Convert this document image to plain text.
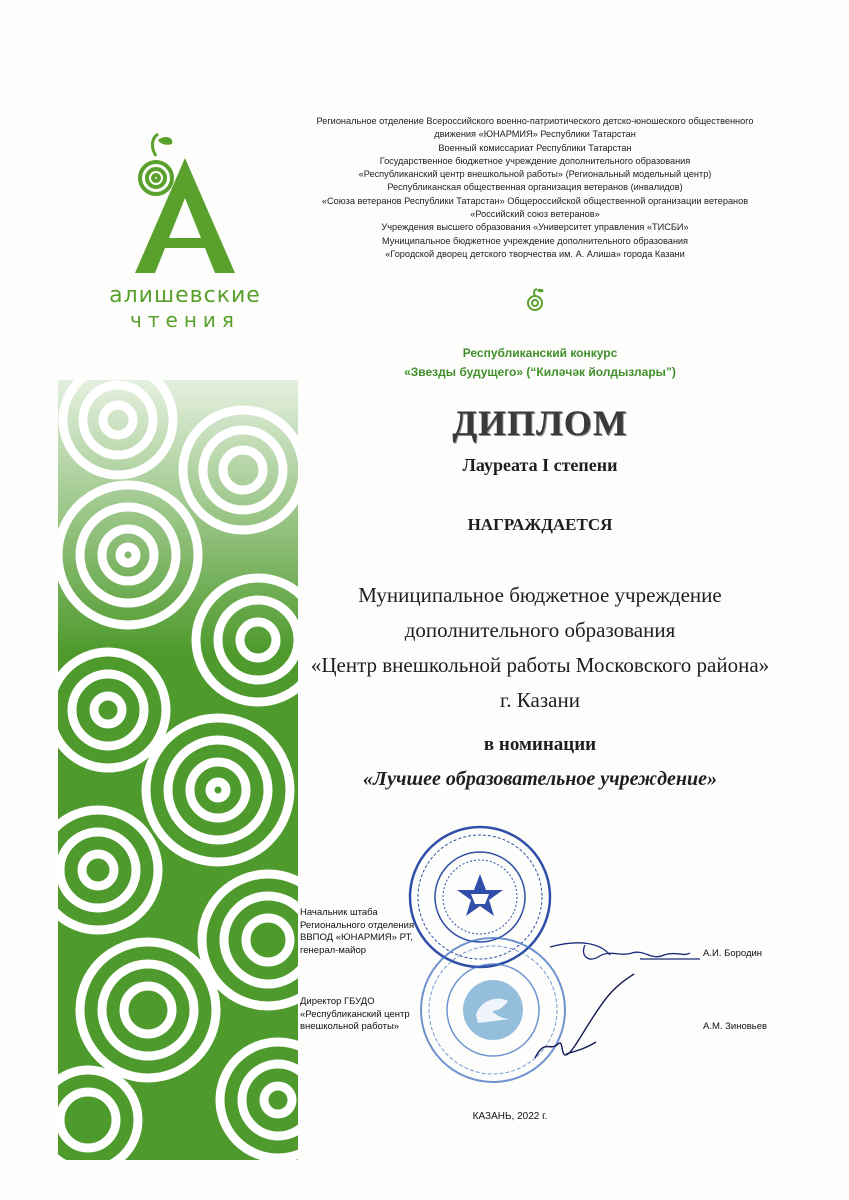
алишевские
чтения
Региональное отделение Всероссийского военно-патриотического детско-юношеского общественного
движения «ЮНАРМИЯ» Республики Татарстан
Военный комиссариат Республики Татарстан
Государственное бюджетное учреждение дополнительного образования
«Республиканский центр внешкольной работы» (Региональный модельный центр)
Республиканская общественная организация ветеранов (инвалидов)
«Союза ветеранов Республики Татарстан» Общероссийской общественной организации ветеранов
«Российский союз ветеранов»
Учреждения высшего образования «Университет управления «ТИСБИ»
Муниципальное бюджетное учреждение дополнительного образования
«Городской дворец детского творчества им. А. Алиша» города Казани
Республиканский конкурс
«Звезды будущего» (“Киләчәк йолдызлары”)
ДИПЛОМ
Лауреата I степени
НАГРАЖДАЕТСЯ
Муниципальное бюджетное учреждение
дополнительного образования
«Центр внешкольной работы Московского района»
г. Казани
в номинации
«Лучшее образовательное учреждение»
Начальник штаба
Регионального отделения
ВВПОД «ЮНАРМИЯ» РТ,
генерал-майор	А.И. Бородин
Директор ГБУДО
«Республиканский центр
внешкольной работы»	А.М. Зиновьев
КАЗАНЬ, 2022 г.
